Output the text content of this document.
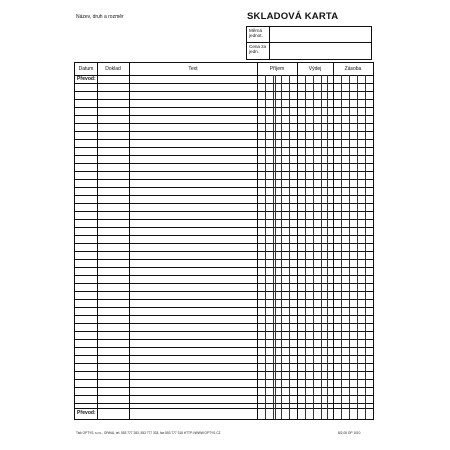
Název, druh a rozměr	SKLADOVÁ KARTA
Měrná jednot.
Cena za jedn.
Datum	Doklad	Text	Příjem	Výdej	Zásoba
Převod:
Převod:
Tisk OPTYS, s.r.o., OPAVA, tel. 553 777 283, 553 777 333, fax 553 777 318 HTTP://WWW.OPTYS.CZ	8/2-05 OP 1010
